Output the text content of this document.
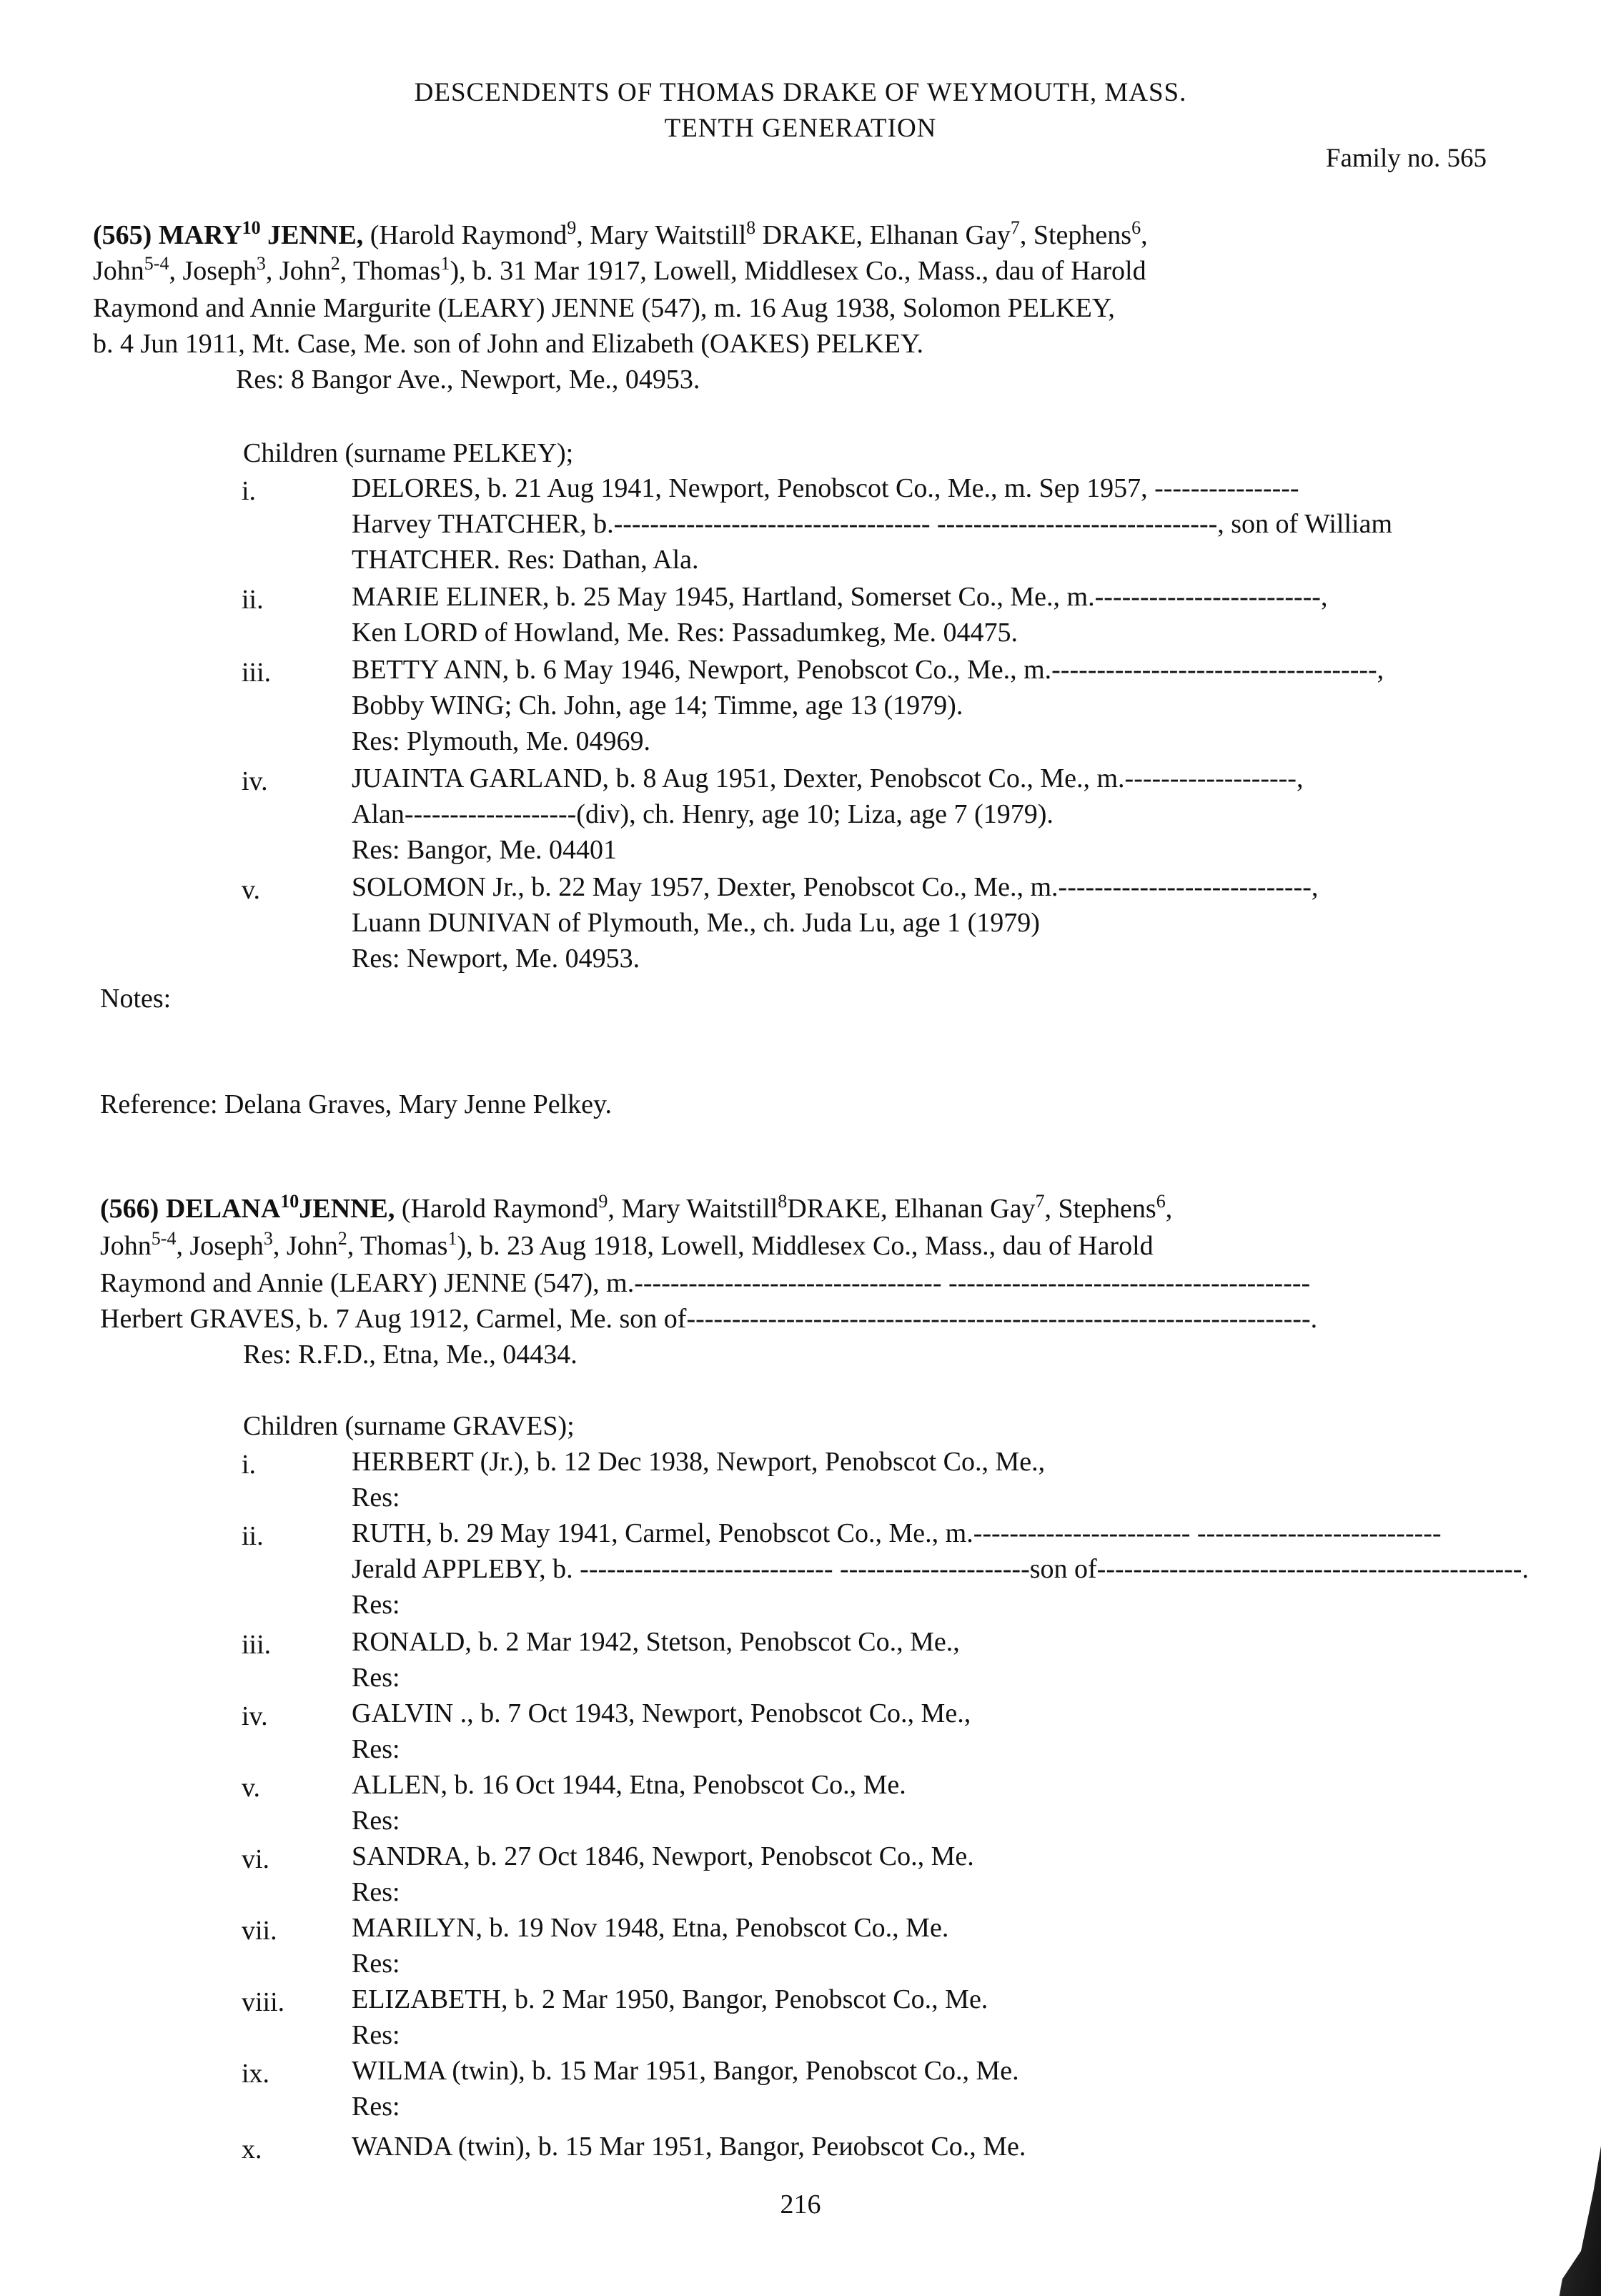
DESCENDENTS OF THOMAS DRAKE OF WEYMOUTH, MASS.
TENTH GENERATION
Family no. 565
(565) MARY$^{10}$ JENNE, (Harold Raymond$^9$, Mary Waitstill$^8$ DRAKE, Elhanan Gay$^7$, Stephens$^6$,
John$^{5-4}$, Joseph$^3$, John$^2$, Thomas$^1$), b. 31 Mar 1917, Lowell, Middlesex Co., Mass., dau of Harold
Raymond and Annie Margurite (LEARY) JENNE (547), m. 16 Aug 1938, Solomon PELKEY,
b. 4 Jun 1911, Mt. Case, Me. son of John and Elizabeth (OAKES) PELKEY.
Res: 8 Bangor Ave., Newport, Me., 04953.
Children (surname PELKEY);
i.	DELORES, b. 21 Aug 1941, Newport, Penobscot Co., Me., m. Sep 1957, ----------------
Harvey THATCHER, b.----------------------------------- -------------------------------, son of William
THATCHER. Res: Dathan, Ala.
ii.	MARIE ELINER, b. 25 May 1945, Hartland, Somerset Co., Me., m.-------------------------,
Ken LORD of Howland, Me. Res: Passadumkeg, Me. 04475.
iii.	BETTY ANN, b. 6 May 1946, Newport, Penobscot Co., Me., m.------------------------------------,
Bobby WING; Ch. John, age 14; Timme, age 13 (1979).
Res: Plymouth, Me. 04969.
iv.	JUAINTA GARLAND, b. 8 Aug 1951, Dexter, Penobscot Co., Me., m.-------------------,
Alan-------------------(div), ch. Henry, age 10; Liza, age 7 (1979).
Res: Bangor, Me. 04401
v.	SOLOMON Jr., b. 22 May 1957, Dexter, Penobscot Co., Me., m.----------------------------,
Luann DUNIVAN of Plymouth, Me., ch. Juda Lu, age 1 (1979)
Res: Newport, Me. 04953.
Notes:
Reference: Delana Graves, Mary Jenne Pelkey.
(566) DELANA$^{10}$JENNE, (Harold Raymond$^9$, Mary Waitstill$^8$DRAKE, Elhanan Gay$^7$, Stephens$^6$,
John$^{5-4}$, Joseph$^3$, John$^2$, Thomas$^1$), b. 23 Aug 1918, Lowell, Middlesex Co., Mass., dau of Harold
Raymond and Annie (LEARY) JENNE (547), m.---------------------------------- ----------------------------------------
Herbert GRAVES, b. 7 Aug 1912, Carmel, Me. son of---------------------------------------------------------------------.
Res: R.F.D., Etna, Me., 04434.
Children (surname GRAVES);
i.	HERBERT (Jr.), b. 12 Dec 1938, Newport, Penobscot Co., Me.,
Res:
ii.	RUTH, b. 29 May 1941, Carmel, Penobscot Co., Me., m.------------------------ ---------------------------
Jerald APPLEBY, b. ---------------------------- ---------------------son of-----------------------------------------------.
Res:
iii.	RONALD, b. 2 Mar 1942, Stetson, Penobscot Co., Me.,
Res:
iv.	GALVIN ., b. 7 Oct 1943, Newport, Penobscot Co., Me.,
Res:
v.	ALLEN, b. 16 Oct 1944, Etna, Penobscot Co., Me.
Res:
vi.	SANDRA, b. 27 Oct 1846, Newport, Penobscot Co., Me.
Res:
vii.	MARILYN, b. 19 Nov 1948, Etna, Penobscot Co., Me.
Res:
viii. ELIZABETH, b. 2 Mar 1950, Bangor, Penobscot Co., Me.
Res:
ix.	WILMA (twin), b. 15 Mar 1951, Bangor, Penobscot Co., Me.
Res:
x.	WANDA (twin), b. 15 Mar 1951, Bangor, Peиobscot Co., Me.
216
